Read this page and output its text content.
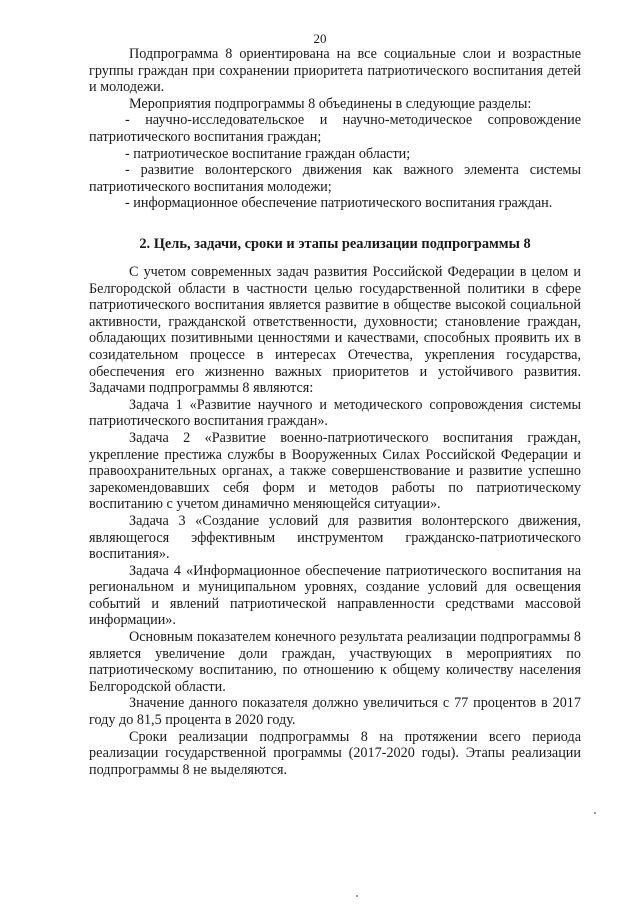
20

Подпрограмма 8 ориентирована на все социальные слои и возрастные группы граждан при сохранении приоритета патриотического воспитания детей и молодежи.

Мероприятия подпрограммы 8 объединены в следующие разделы:

- научно-исследовательское и научно-методическое сопровождение патриотического воспитания граждан;

- патриотическое воспитание граждан области;

- развитие волонтерского движения как важного элемента системы патриотического воспитания молодежи;

- информационное обеспечение патриотического воспитания граждан.

2. Цель, задачи, сроки и этапы реализации подпрограммы 8

С учетом современных задач развития Российской Федерации в целом и Белгородской области в частности целью государственной политики в сфере патриотического воспитания является развитие в обществе высокой социальной активности, гражданской ответственности, духовности; становление граждан, обладающих позитивными ценностями и качествами, способных проявить их в созидательном процессе в интересах Отечества, укрепления государства, обеспечения его жизненно важных приоритетов и устойчивого развития. Задачами подпрограммы 8 являются:

Задача 1 «Развитие научного и методического сопровождения системы патриотического воспитания граждан».

Задача 2 «Развитие военно-патриотического воспитания граждан, укрепление престижа службы в Вооруженных Силах Российской Федерации и правоохранительных органах, а также совершенствование и развитие успешно зарекомендовавших себя форм и методов работы по патриотическому воспитанию с учетом динамично меняющейся ситуации».

Задача 3 «Создание условий для развития волонтерского движения, являющегося эффективным инструментом гражданско-патриотического воспитания».

Задача 4 «Информационное обеспечение патриотического воспитания на региональном и муниципальном уровнях, создание условий для освещения событий и явлений патриотической направленности средствами массовой информации».

Основным показателем конечного результата реализации подпрограммы 8 является увеличение доли граждан, участвующих в мероприятиях по патриотическому воспитанию, по отношению к общему количеству населения Белгородской области.

Значение данного показателя должно увеличиться с 77 процентов в 2017 году до 81,5 процента в 2020 году.

Сроки реализации подпрограммы 8 на протяжении всего периода реализации государственной программы (2017-2020 годы). Этапы реализации подпрограммы 8 не выделяются.
